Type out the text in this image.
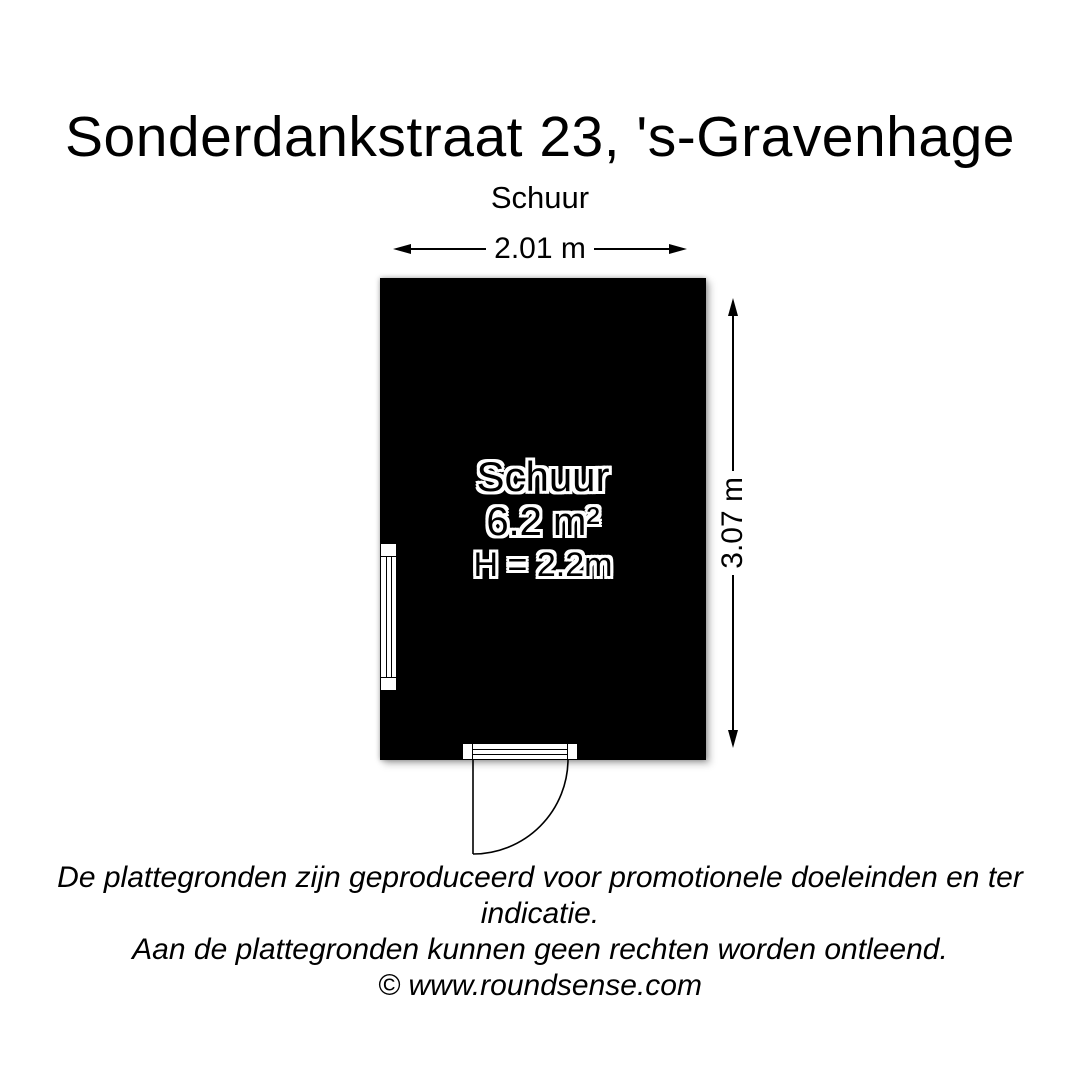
Sonderdankstraat 23, 's-Gravenhage
Schuur
2.01 m
Schuur
6.2 m²
H = 2.2m	3.07 m

De plattegronden zijn geproduceerd voor promotionele doeleinden en ter indicatie.

Aan de plattegronden kunnen geen rechten worden ontleend.

© www.roundsense.com
